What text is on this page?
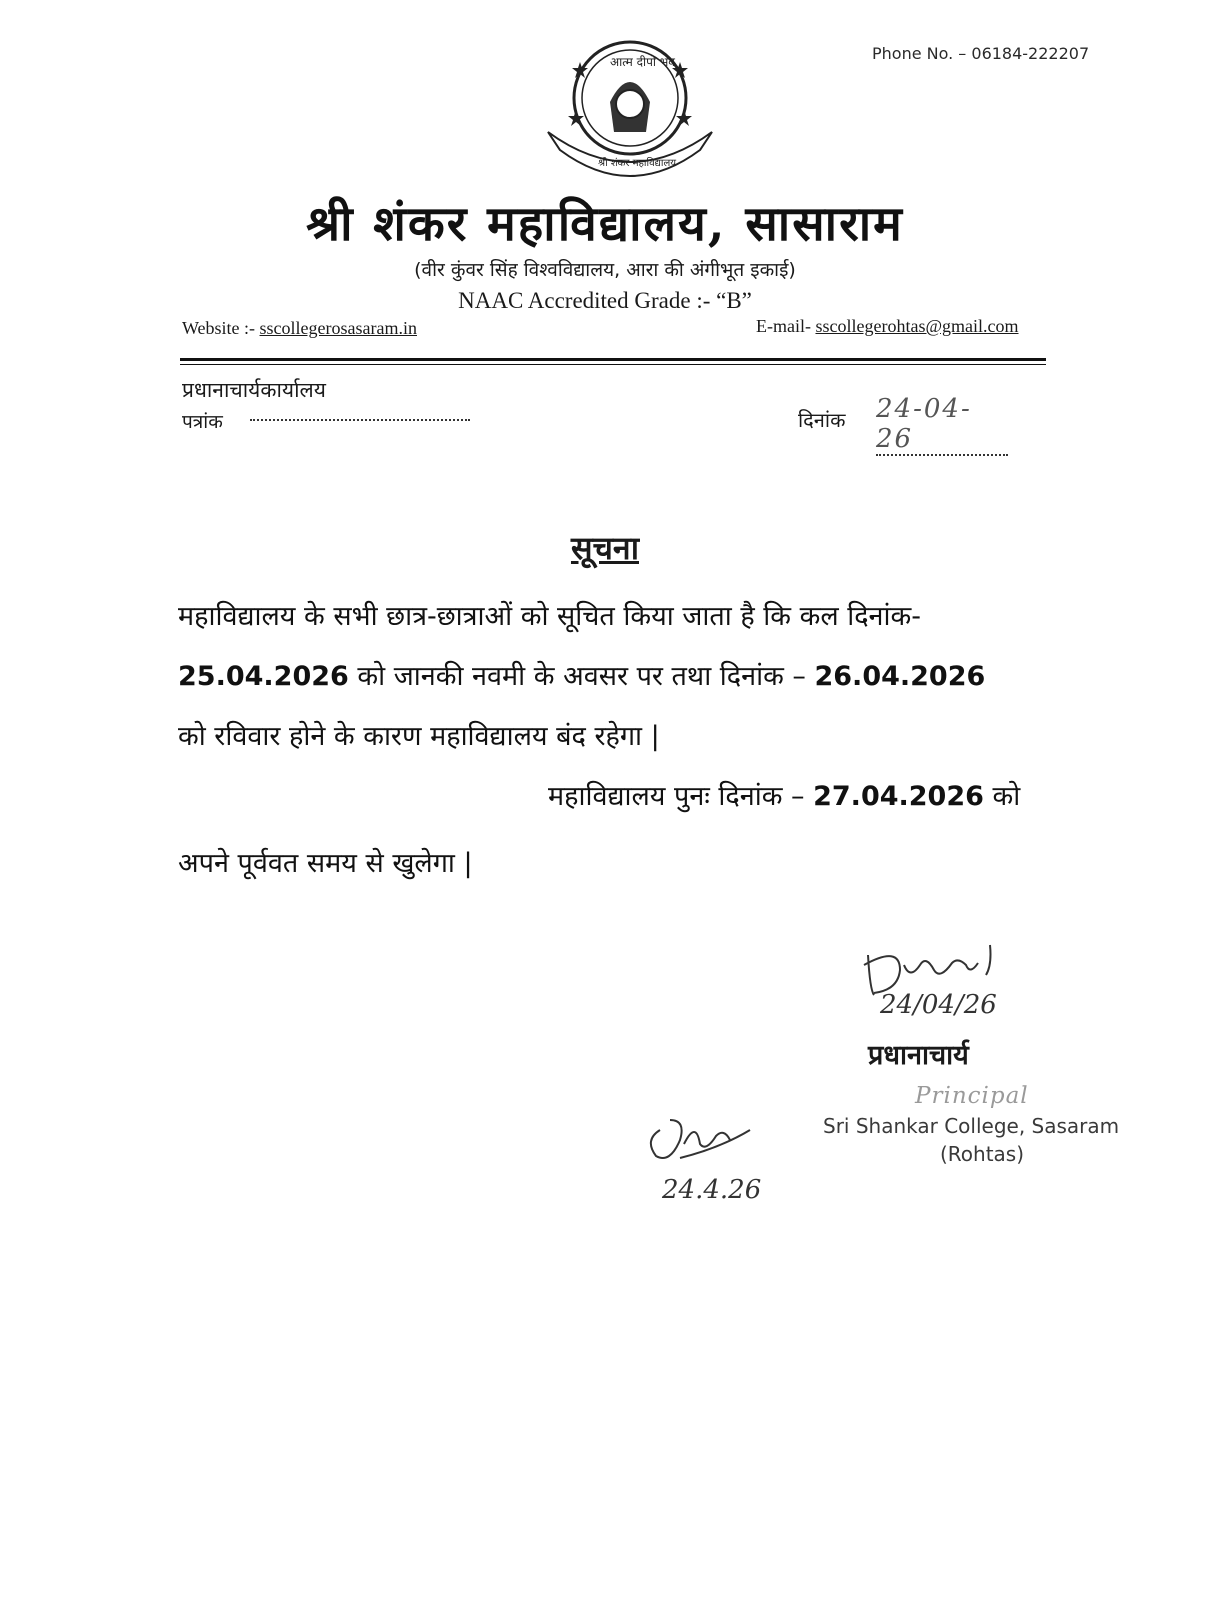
Phone No. – 06184-222207
आत्म दीपो भव
श्री शंकर महाविद्यालय
श्री शंकर महाविद्यालय, सासाराम
(वीर कुंवर सिंह विश्वविद्यालय, आरा की अंगीभूत इकाई)
NAAC Accredited Grade :- “B”
Website :- sscollegerosasaram.in	E-mail- sscollegerohtas@gmail.com
प्रधानाचार्यकार्यालय
पत्रांक	दिनांक 24-04-26
सूचना
महाविद्यालय के सभी छात्र-छात्राओं को सूचित किया जाता है कि कल दिनांक-
25.04.2026 को जानकी नवमी के अवसर पर तथा दिनांक – 26.04.2026
को रविवार होने के कारण महाविद्यालय बंद रहेगा |
महाविद्यालय पुनः दिनांक – 27.04.2026 को
अपने पूर्ववत समय से खुलेगा |
24/04/26
प्रधानाचार्य
Principal
Sri Shankar College, Sasaram
(Rohtas)
24.4.26
